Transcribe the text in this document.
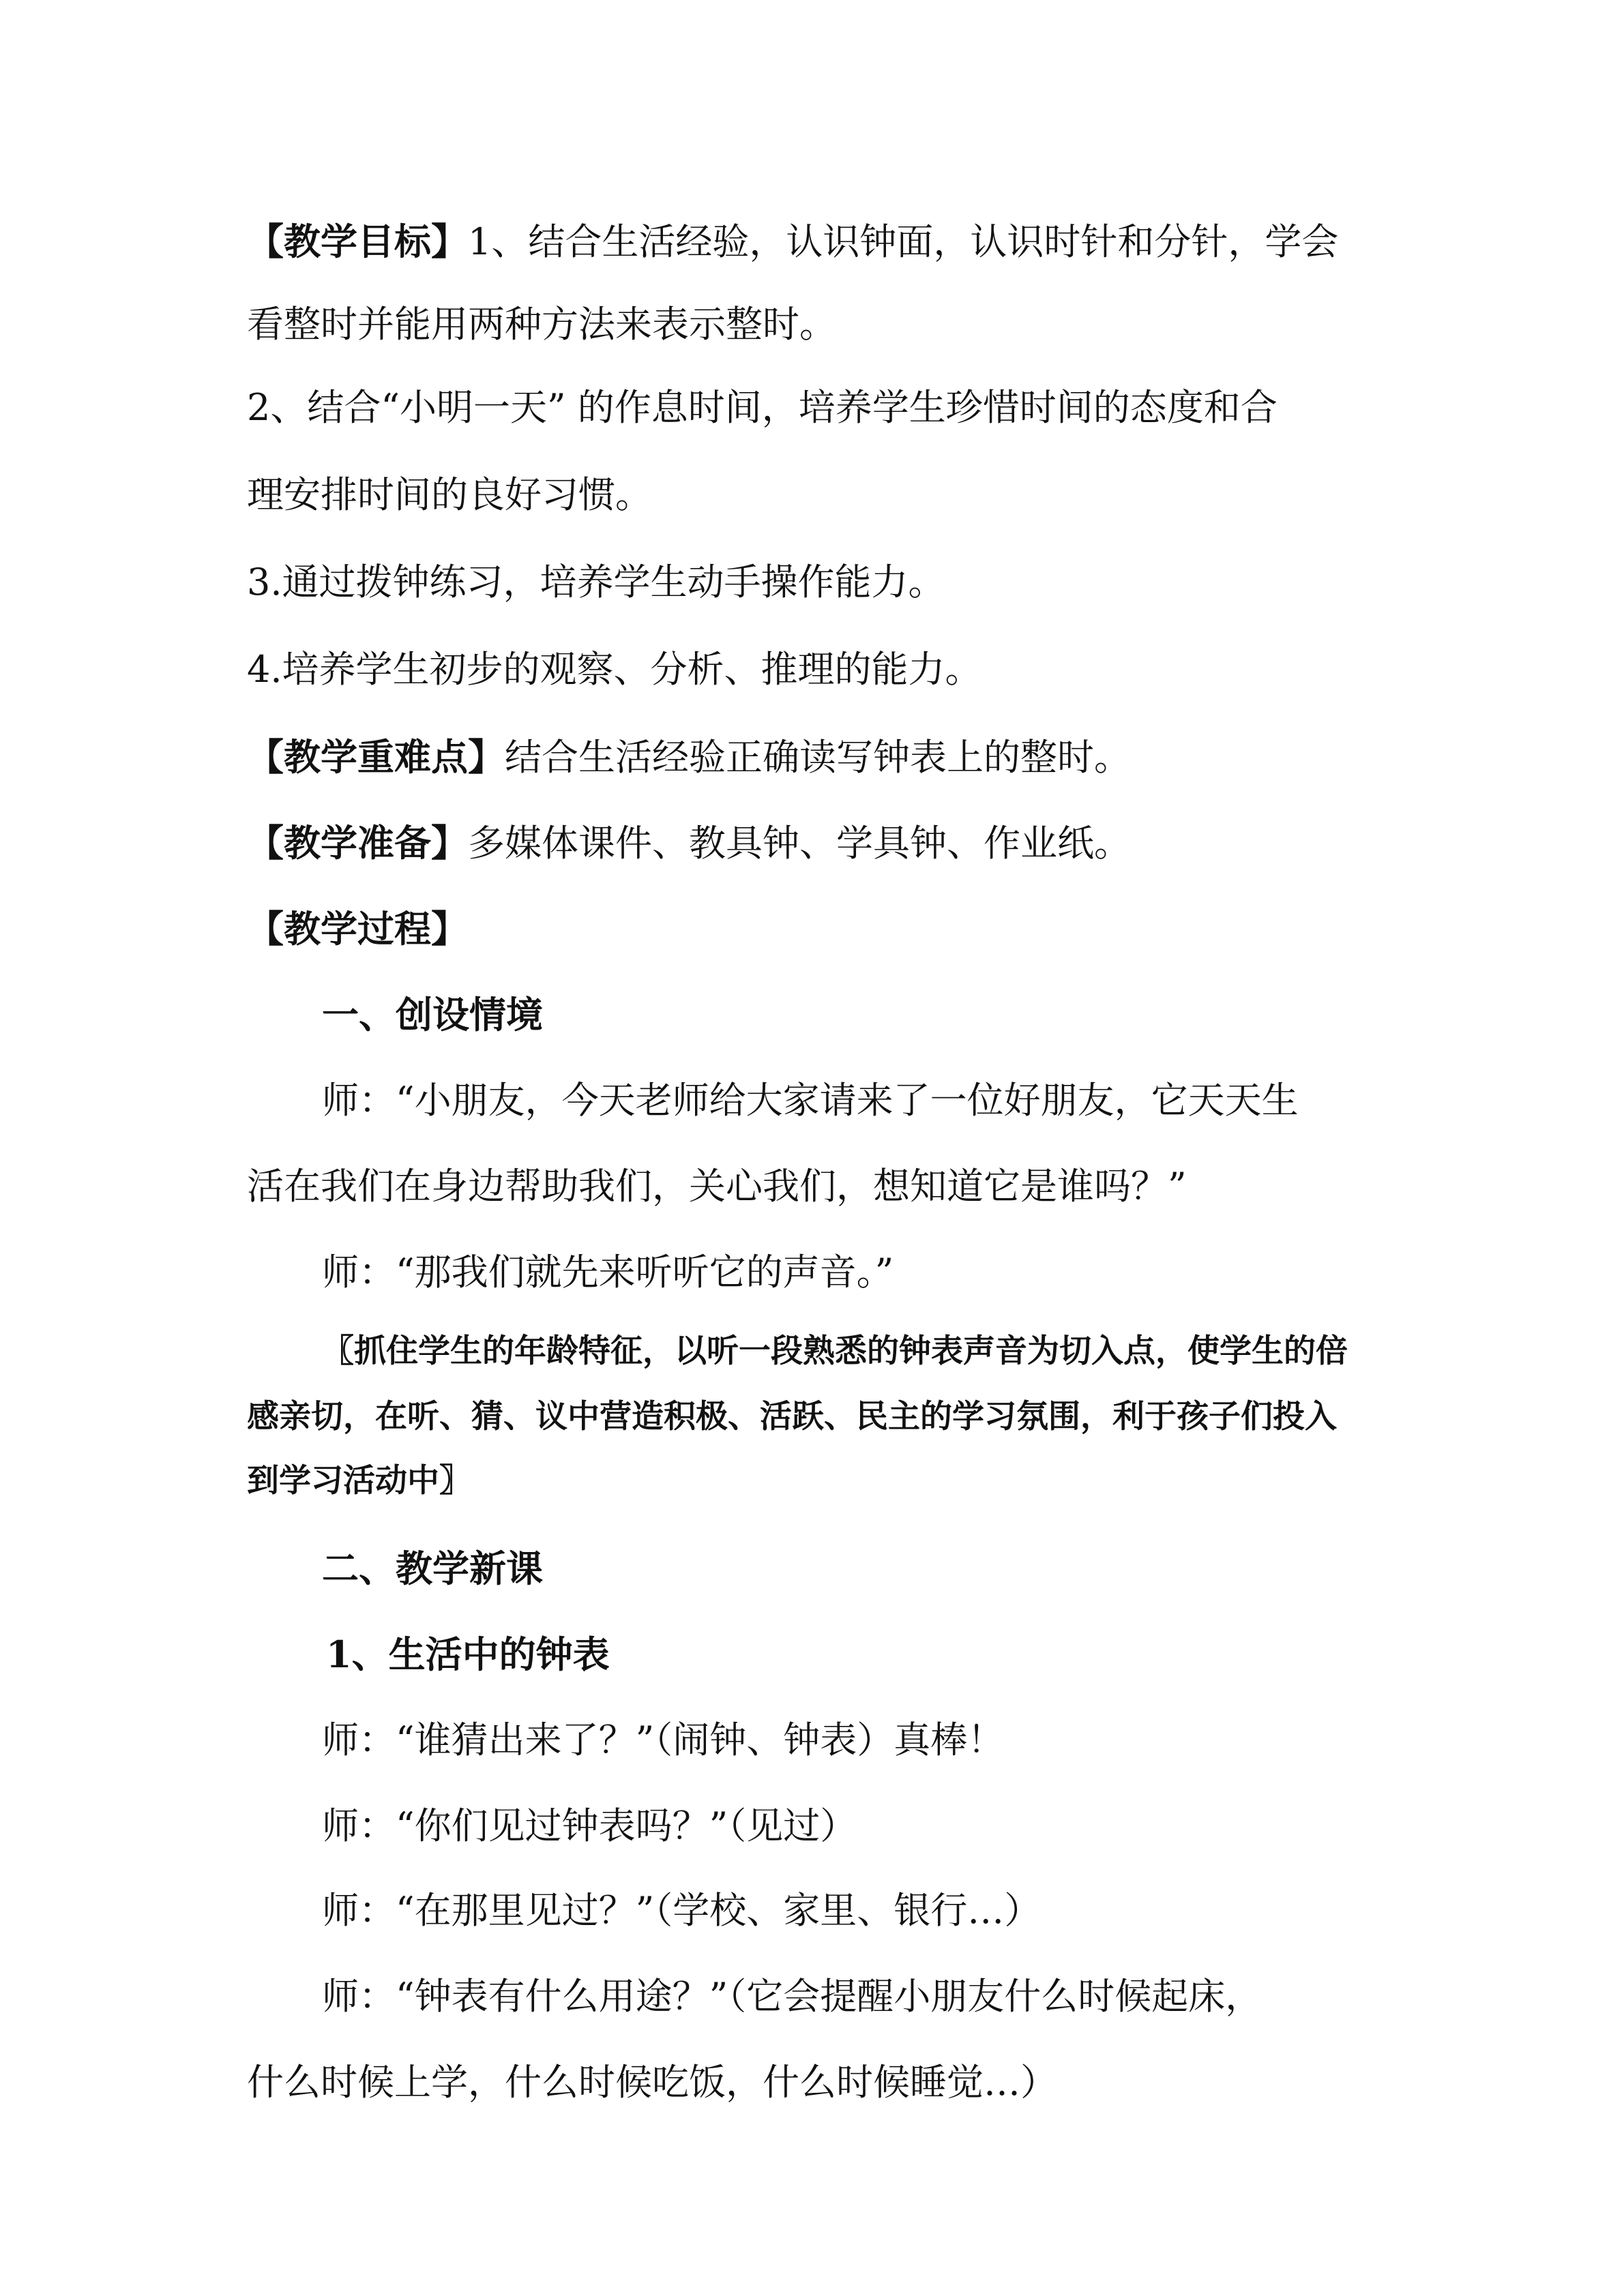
【教学目标】1、结合生活经验，认识钟面，认识时针和分针，学会
看整时并能用两种方法来表示整时。
2、结合“小明一天” 的作息时间，培养学生珍惜时间的态度和合
理安排时间的良好习惯。
3.通过拨钟练习，培养学生动手操作能力。
4.培养学生初步的观察、分析、推理的能力。
【教学重难点】结合生活经验正确读写钟表上的整时。
【教学准备】多媒体课件、教具钟、学具钟、作业纸。
【教学过程】
一、创设情境
师：“小朋友，今天老师给大家请来了一位好朋友，它天天生
活在我们在身边帮助我们，关心我们，想知道它是谁吗？”
师：“那我们就先来听听它的声音。”
〖抓住学生的年龄特征，以听一段熟悉的钟表声音为切入点，使学生的倍
感亲切，在听、猜、议中营造积极、活跃、民主的学习氛围，利于孩子们投入
到学习活动中〗
二、教学新课
1、生活中的钟表
师：“谁猜出来了？”（闹钟、钟表）真棒！
师：“你们见过钟表吗？”（见过）
师：“在那里见过？”（学校、家里、银行…）
师：“钟表有什么用途？”（它会提醒小朋友什么时候起床，
什么时候上学，什么时候吃饭，什么时候睡觉…）
